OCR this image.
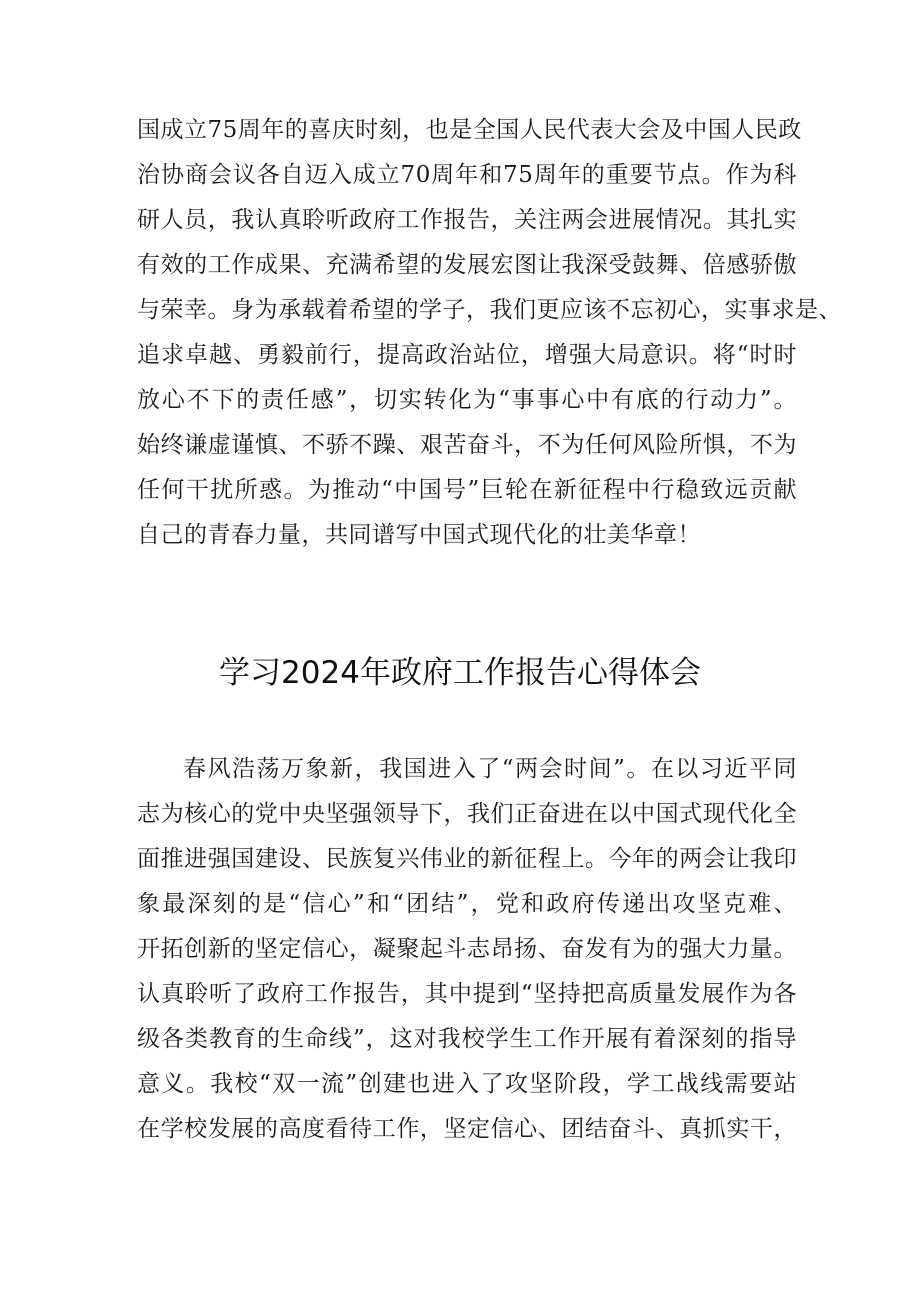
国成立75周年的喜庆时刻，也是全国人民代表大会及中国人民政
治协商会议各自迈入成立70周年和75周年的重要节点。作为科
研人员，我认真聆听政府工作报告，关注两会进展情况。其扎实
有效的工作成果、充满希望的发展宏图让我深受鼓舞、倍感骄傲
与荣幸。身为承载着希望的学子，我们更应该不忘初心，实事求是、
追求卓越、勇毅前行，提高政治站位，增强大局意识。将“时时
放心不下的责任感”，切实转化为“事事心中有底的行动力”。
始终谦虚谨慎、不骄不躁、艰苦奋斗，不为任何风险所惧，不为
任何干扰所惑。为推动“中国号”巨轮在新征程中行稳致远贡献
自己的青春力量，共同谱写中国式现代化的壮美华章！
学习2024年政府工作报告心得体会
春风浩荡万象新，我国进入了“两会时间”。在以习近平同
志为核心的党中央坚强领导下，我们正奋进在以中国式现代化全
面推进强国建设、民族复兴伟业的新征程上。今年的两会让我印
象最深刻的是“信心”和“团结”，党和政府传递出攻坚克难、
开拓创新的坚定信心，凝聚起斗志昂扬、奋发有为的强大力量。
认真聆听了政府工作报告，其中提到“坚持把高质量发展作为各
级各类教育的生命线”，这对我校学生工作开展有着深刻的指导
意义。我校“双一流”创建也进入了攻坚阶段，学工战线需要站
在学校发展的高度看待工作，坚定信心、团结奋斗、真抓实干，
